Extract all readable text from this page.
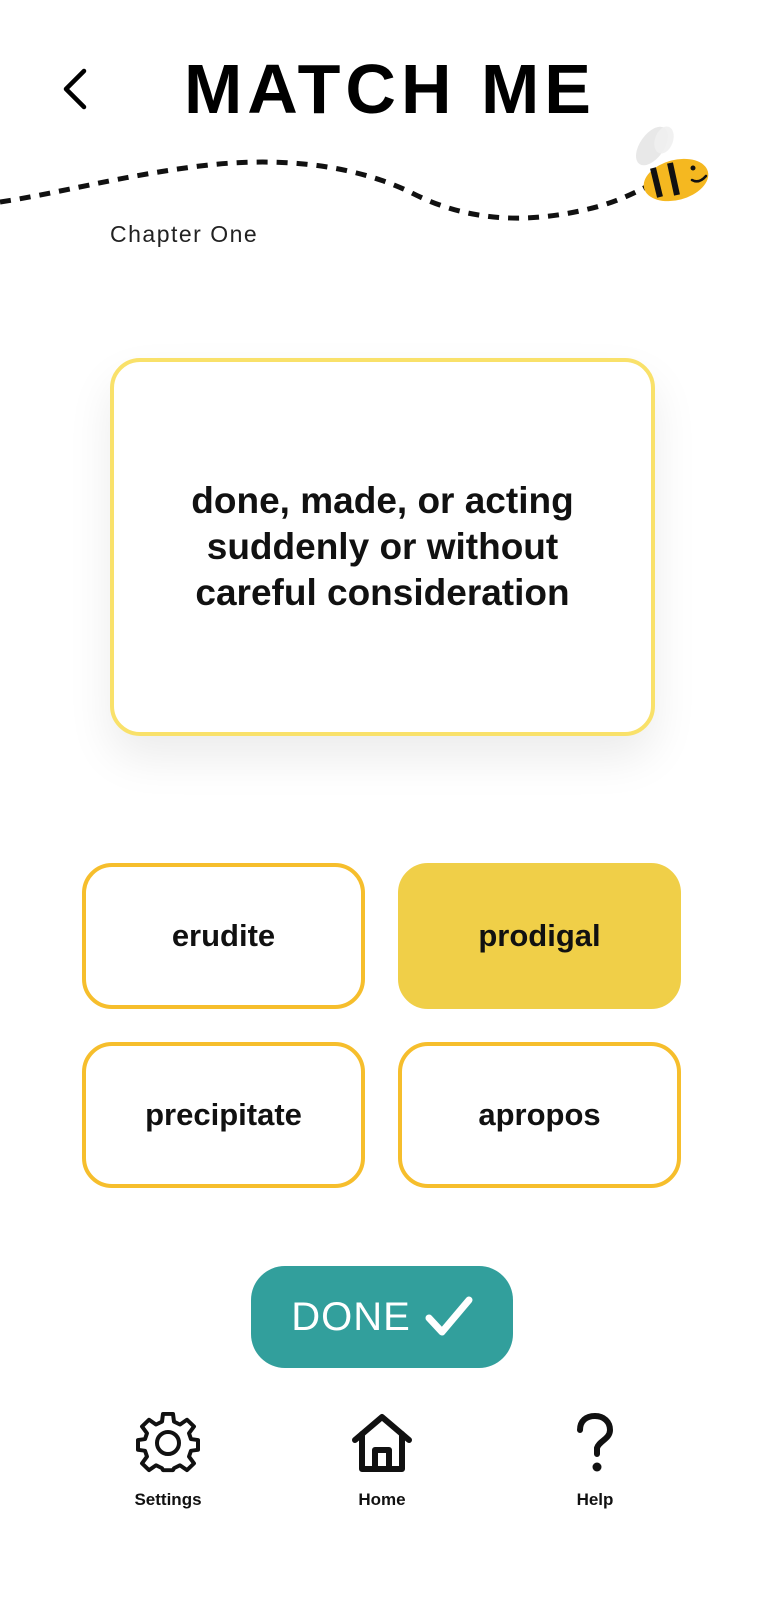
MATCH ME
Chapter One

done, made, or acting suddenly or without careful consideration

erudite	prodigal
precipitate	apropos
DONE
Settings	Home	Help
